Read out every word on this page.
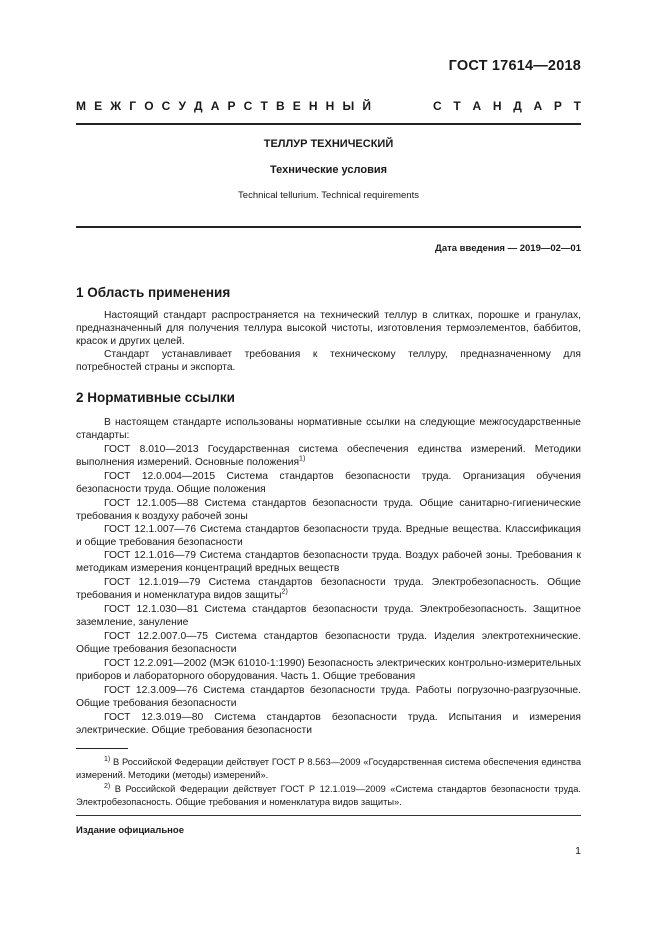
ГОСТ 17614—2018
М Е Ж Г О С У Д А Р С Т В Е Н Н Ы Й	С Т А Н Д А Р Т
ТЕЛЛУР ТЕХНИЧЕСКИЙ
Технические условия
Technical tellurium. Technical requirements
Дата введения — 2019—02—01
1 Область применения

Настоящий стандарт распространяется на технический теллур в слитках, порошке и гранулах, предназначенный для получения теллура высокой чистоты, изготовления термоэлементов, баббитов, красок и других целей.

Стандарт устанавливает требования к техническому теллуру, предназначенному для потребностей страны и экспорта.

2 Нормативные ссылки

В настоящем стандарте использованы нормативные ссылки на следующие межгосударственные стандарты:

ГОСТ 8.010—2013 Государственная система обеспечения единства измерений. Методики выполнения измерений. Основные положения$^{1)}$

ГОСТ 12.0.004—2015 Система стандартов безопасности труда. Организация обучения безопасности труда. Общие положения

ГОСТ 12.1.005—88 Система стандартов безопасности труда. Общие санитарно-гигиенические требования к воздуху рабочей зоны

ГОСТ 12.1.007—76 Система стандартов безопасности труда. Вредные вещества. Классификация и общие требования безопасности

ГОСТ 12.1.016—79 Система стандартов безопасности труда. Воздух рабочей зоны. Требования к методикам измерения концентраций вредных веществ

ГОСТ 12.1.019—79 Система стандартов безопасности труда. Электробезопасность. Общие требования и номенклатура видов защиты$^{2)}$

ГОСТ 12.1.030—81 Система стандартов безопасности труда. Электробезопасность. Защитное заземление, зануление

ГОСТ 12.2.007.0—75 Система стандартов безопасности труда. Изделия электротехнические. Общие требования безопасности

ГОСТ 12.2.091—2002 (МЭК 61010-1:1990) Безопасность электрических контрольно-измерительных приборов и лабораторного оборудования. Часть 1. Общие требования

ГОСТ 12.3.009—76 Система стандартов безопасности труда. Работы погрузочно-разгрузочные. Общие требования безопасности

ГОСТ 12.3.019—80 Система стандартов безопасности труда. Испытания и измерения электрические. Общие требования безопасности

$^{1)}$ В Российской Федерации действует ГОСТ Р 8.563—2009 «Государственная система обеспечения единства измерений. Методики (методы) измерений».

$^{2)}$ В Российской Федерации действует ГОСТ Р 12.1.019—2009 «Система стандартов безопасности труда. Электробезопасность. Общие требования и номенклатура видов защиты».

Издание официальное
1
